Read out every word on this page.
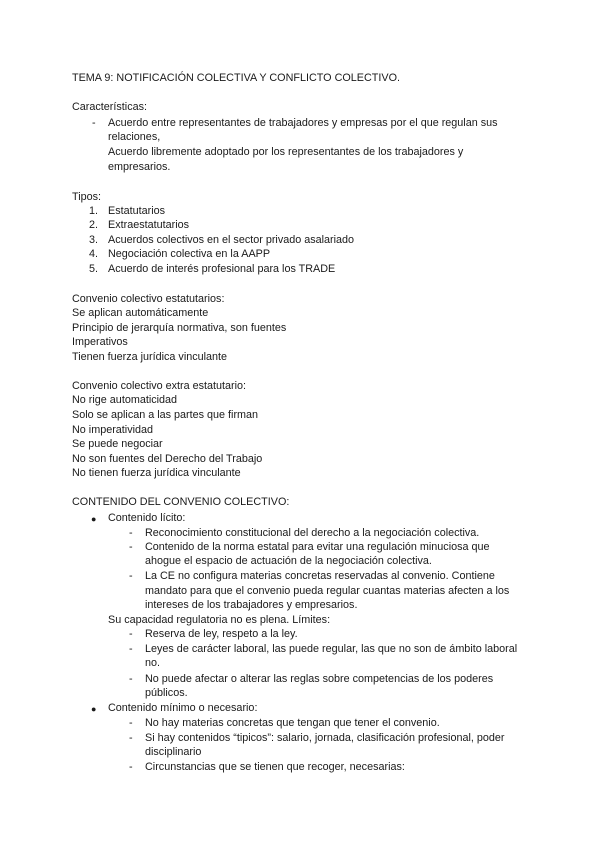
TEMA 9: NOTIFICACIÓN COLECTIVA Y CONFLICTO COLECTIVO.
Características:
- Acuerdo entre representantes de trabajadores y empresas por el que regulan sus
relaciones,
Acuerdo libremente adoptado por los representantes de los trabajadores y
empresarios.
Tipos:
1. Estatutarios
2. Extraestatutarios
3. Acuerdos colectivos en el sector privado asalariado
4. Negociación colectiva en la AAPP
5. Acuerdo de interés profesional para los TRADE
Convenio colectivo estatutarios:
Se aplican automáticamente
Principio de jerarquía normativa, son fuentes
Imperativos
Tienen fuerza jurídica vinculante
Convenio colectivo extra estatutario:
No rige automaticidad
Solo se aplican a las partes que firman
No imperatividad
Se puede negociar
No son fuentes del Derecho del Trabajo
No tienen fuerza jurídica vinculante
CONTENIDO DEL CONVENIO COLECTIVO:
● Contenido lícito:
- Reconocimiento constitucional del derecho a la negociación colectiva.
- Contenido de la norma estatal para evitar una regulación minuciosa que
ahogue el espacio de actuación de la negociación colectiva.
- La CE no configura materias concretas reservadas al convenio. Contiene
mandato para que el convenio pueda regular cuantas materias afecten a los
intereses de los trabajadores y empresarios.
Su capacidad regulatoria no es plena. Límites:
- Reserva de ley, respeto a la ley.
- Leyes de carácter laboral, las puede regular, las que no son de ámbito laboral
no.
- No puede afectar o alterar las reglas sobre competencias de los poderes
públicos.
● Contenido mínimo o necesario:
- No hay materias concretas que tengan que tener el convenio.
- Si hay contenidos “tipicos”: salario, jornada, clasificación profesional, poder
disciplinario
- Circunstancias que se tienen que recoger, necesarias:
